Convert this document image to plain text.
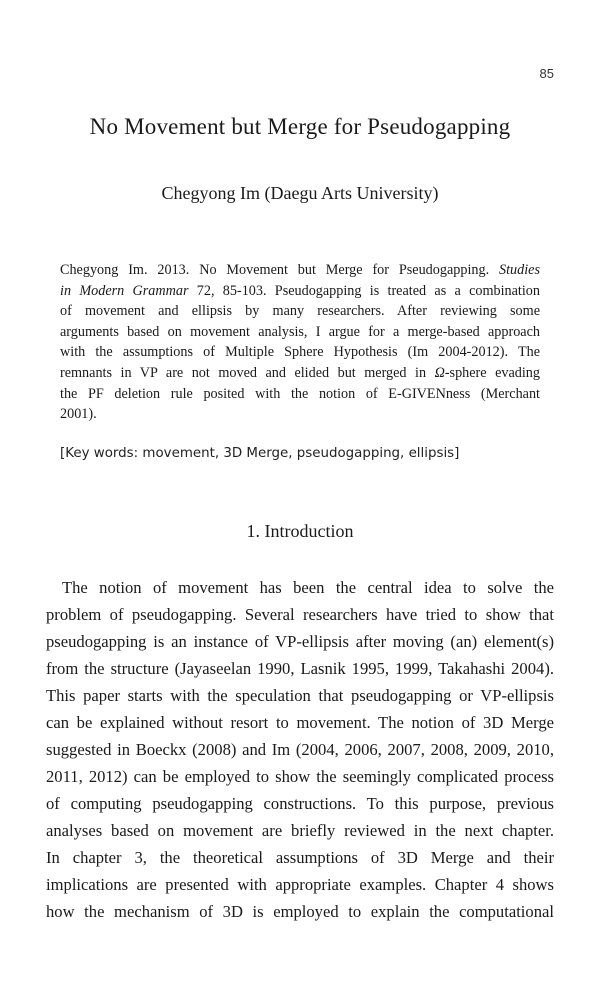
85
No Movement but Merge for Pseudogapping
Chegyong Im (Daegu Arts University)
Chegyong Im. 2013. No Movement but Merge for Pseudogapping. Studies
in Modern Grammar 72, 85-103. Pseudogapping is treated as a combination
of movement and ellipsis by many researchers. After reviewing some
arguments based on movement analysis, I argue for a merge-based approach
with the assumptions of Multiple Sphere Hypothesis (Im 2004-2012). The
remnants in VP are not moved and elided but merged in Ω-sphere evading
the PF deletion rule posited with the notion of E-GIVENness (Merchant
2001).
[Key words: movement, 3D Merge, pseudogapping, ellipsis]
1. Introduction
The notion of movement has been the central idea to solve the
problem of pseudogapping. Several researchers have tried to show that
pseudogapping is an instance of VP-ellipsis after moving (an) element(s)
from the structure (Jayaseelan 1990, Lasnik 1995, 1999, Takahashi 2004).
This paper starts with the speculation that pseudogapping or VP-ellipsis
can be explained without resort to movement. The notion of 3D Merge
suggested in Boeckx (2008) and Im (2004, 2006, 2007, 2008, 2009, 2010,
2011, 2012) can be employed to show the seemingly complicated process
of computing pseudogapping constructions. To this purpose, previous
analyses based on movement are briefly reviewed in the next chapter.
In chapter 3, the theoretical assumptions of 3D Merge and their
implications are presented with appropriate examples. Chapter 4 shows
how the mechanism of 3D is employed to explain the computational
